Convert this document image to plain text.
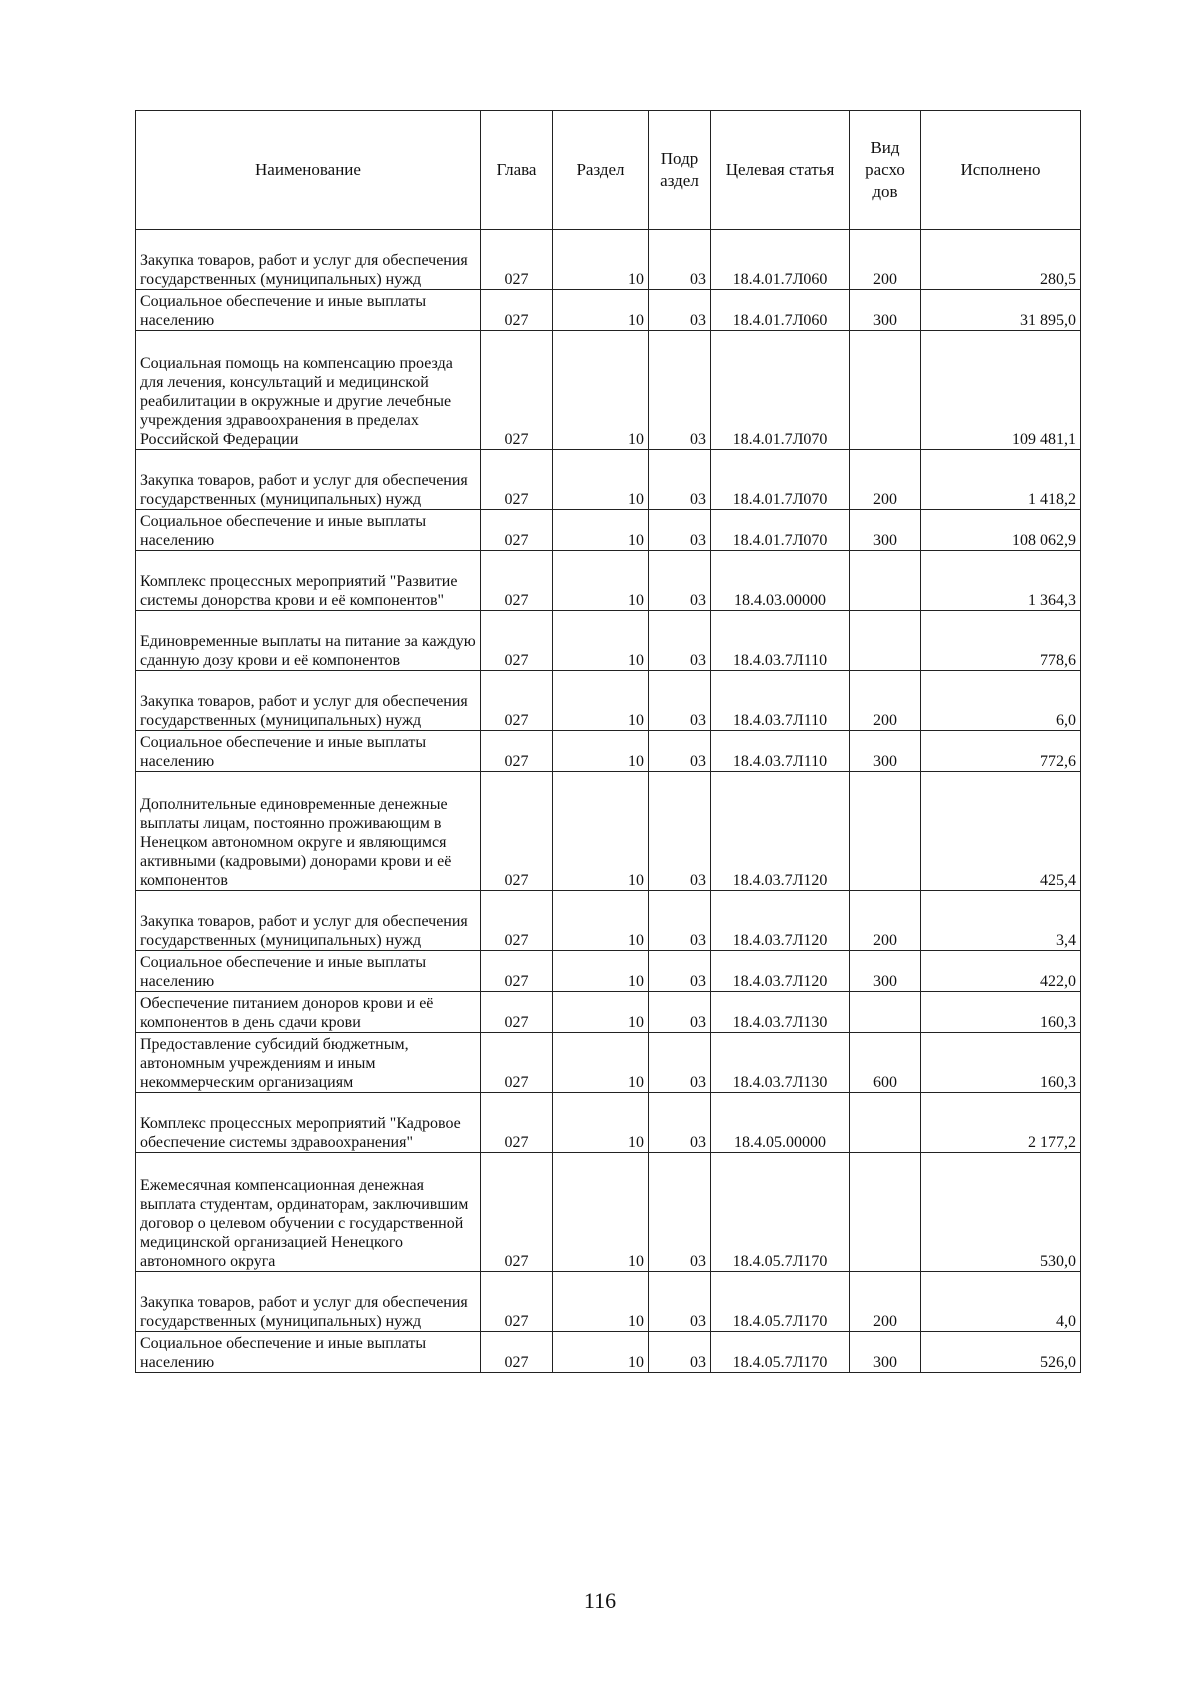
Наименование	Глава	Раздел	Подр аздел	Целевая статья	Вид расхо дов	Исполнено
Закупка товаров, работ и услуг для обеспечения государственных (муниципальных) нужд	027	10	03	18.4.01.7Л060	200	280,5
Социальное обеспечение и иные выплаты населению	027	10	03	18.4.01.7Л060	300	31 895,0
Социальная помощь на компенсацию проезда для лечения, консультаций и медицинской реабилитации в окружные и другие лечебные учреждения здравоохранения в пределах Российской Федерации	027	10	03	18.4.01.7Л070		109 481,1
Закупка товаров, работ и услуг для обеспечения государственных (муниципальных) нужд	027	10	03	18.4.01.7Л070	200	1 418,2
Социальное обеспечение и иные выплаты населению	027	10	03	18.4.01.7Л070	300	108 062,9
Комплекс процессных мероприятий "Развитие системы донорства крови и её компонентов"	027	10	03	18.4.03.00000		1 364,3
Единовременные выплаты на питание за каждую сданную дозу крови и её компонентов	027	10	03	18.4.03.7Л110		778,6
Закупка товаров, работ и услуг для обеспечения государственных (муниципальных) нужд	027	10	03	18.4.03.7Л110	200	6,0
Социальное обеспечение и иные выплаты населению	027	10	03	18.4.03.7Л110	300	772,6
Дополнительные единовременные денежные выплаты лицам, постоянно проживающим в Ненецком автономном округе и являющимся активными (кадровыми) донорами крови и её компонентов	027	10	03	18.4.03.7Л120		425,4
Закупка товаров, работ и услуг для обеспечения государственных (муниципальных) нужд	027	10	03	18.4.03.7Л120	200	3,4
Социальное обеспечение и иные выплаты населению	027	10	03	18.4.03.7Л120	300	422,0
Обеспечение питанием доноров крови и её компонентов в день сдачи крови	027	10	03	18.4.03.7Л130		160,3
Предоставление субсидий бюджетным, автономным учреждениям и иным некоммерческим организациям	027	10	03	18.4.03.7Л130	600	160,3
Комплекс процессных мероприятий "Кадровое обеспечение системы здравоохранения"	027	10	03	18.4.05.00000		2 177,2
Ежемесячная компенсационная денежная выплата студентам, ординаторам, заключившим договор о целевом обучении с государственной медицинской организацией Ненецкого автономного округа	027	10	03	18.4.05.7Л170		530,0
Закупка товаров, работ и услуг для обеспечения государственных (муниципальных) нужд	027	10	03	18.4.05.7Л170	200	4,0
Социальное обеспечение и иные выплаты населению	027	10	03	18.4.05.7Л170	300	526,0
116
